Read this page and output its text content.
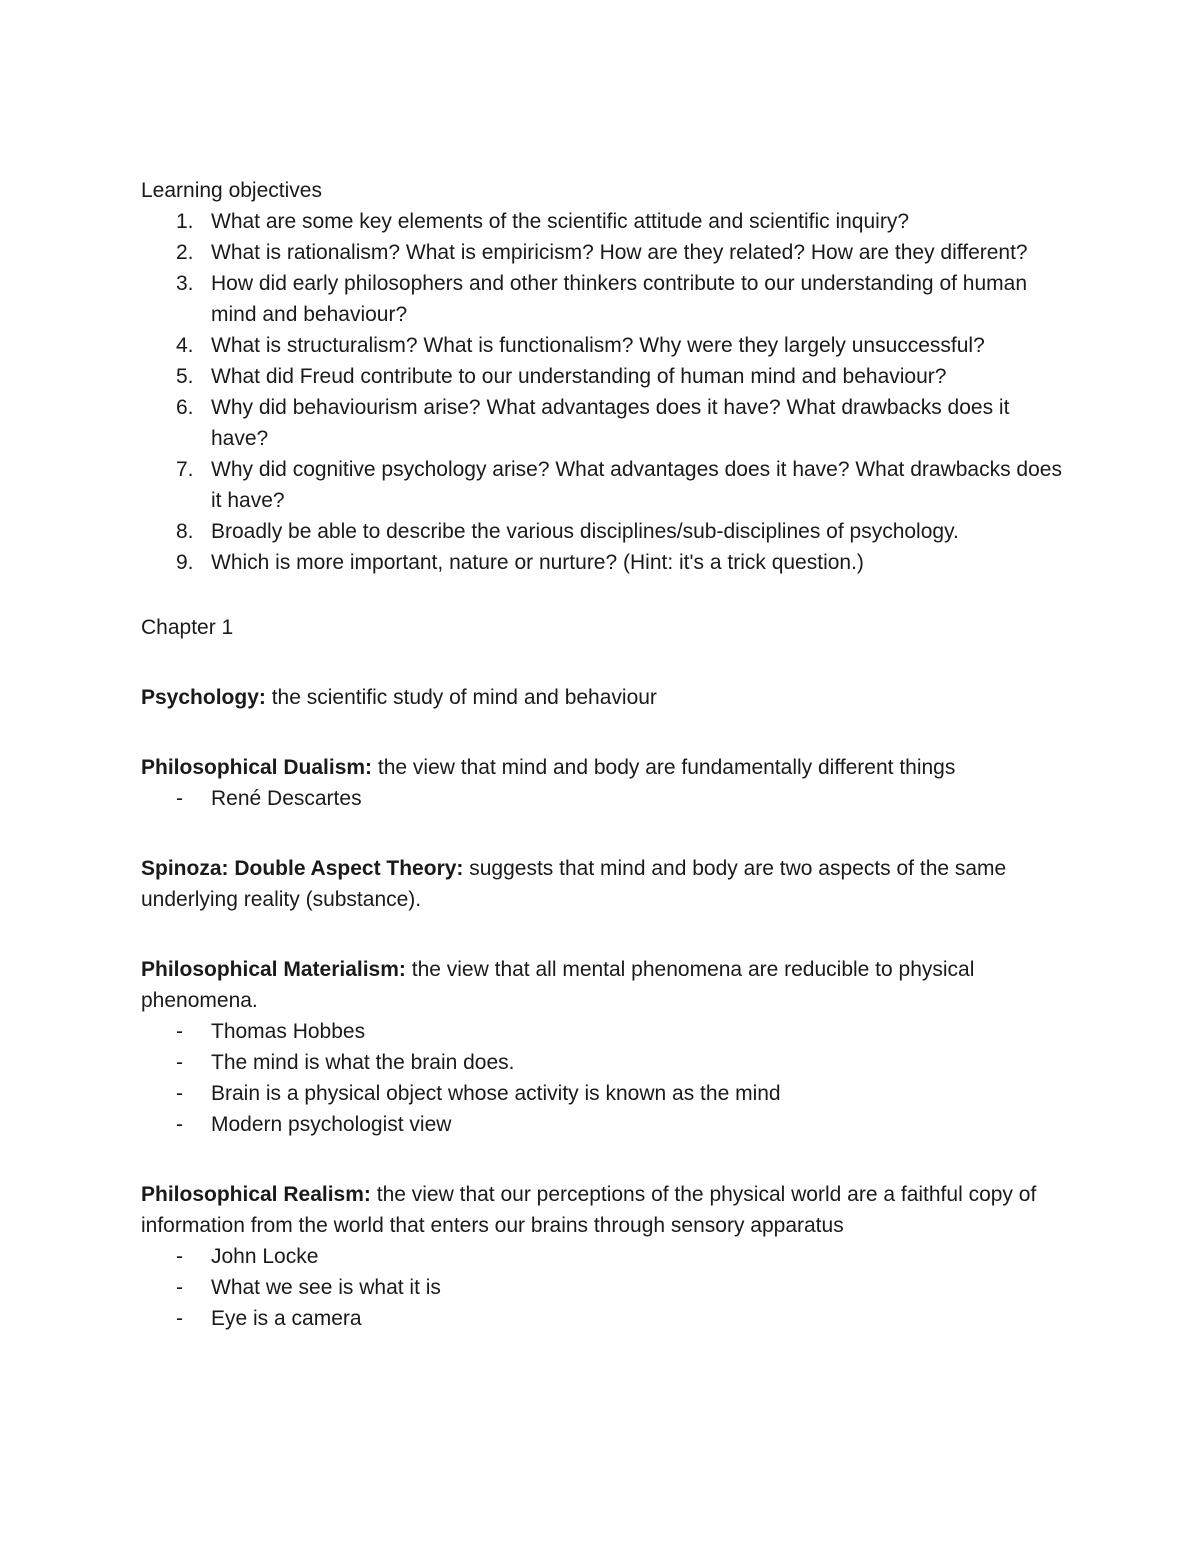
Learning objectives

1. What are some key elements of the scientific attitude and scientific inquiry?
2. What is rationalism? What is empiricism? How are they related? How are they different?
3. How did early philosophers and other thinkers contribute to our understanding of human mind and behaviour?
4. What is structuralism? What is functionalism? Why were they largely unsuccessful?
5. What did Freud contribute to our understanding of human mind and behaviour?
6. Why did behaviourism arise? What advantages does it have? What drawbacks does it have?
7. Why did cognitive psychology arise? What advantages does it have? What drawbacks does it have?
8. Broadly be able to describe the various disciplines/sub-disciplines of psychology.
9. Which is more important, nature or nurture? (Hint: it's a trick question.)

Chapter 1

Psychology: the scientific study of mind and behaviour
Philosophical Dualism: the view that mind and body are fundamentally different things
- René Descartes
Spinoza: Double Aspect Theory: suggests that mind and body are two aspects of the same underlying reality (substance).
Philosophical Materialism: the view that all mental phenomena are reducible to physical phenomena.
- Thomas Hobbes
- The mind is what the brain does.
- Brain is a physical object whose activity is known as the mind
- Modern psychologist view
Philosophical Realism: the view that our perceptions of the physical world are a faithful copy of information from the world that enters our brains through sensory apparatus
- John Locke
- What we see is what it is
- Eye is a camera
